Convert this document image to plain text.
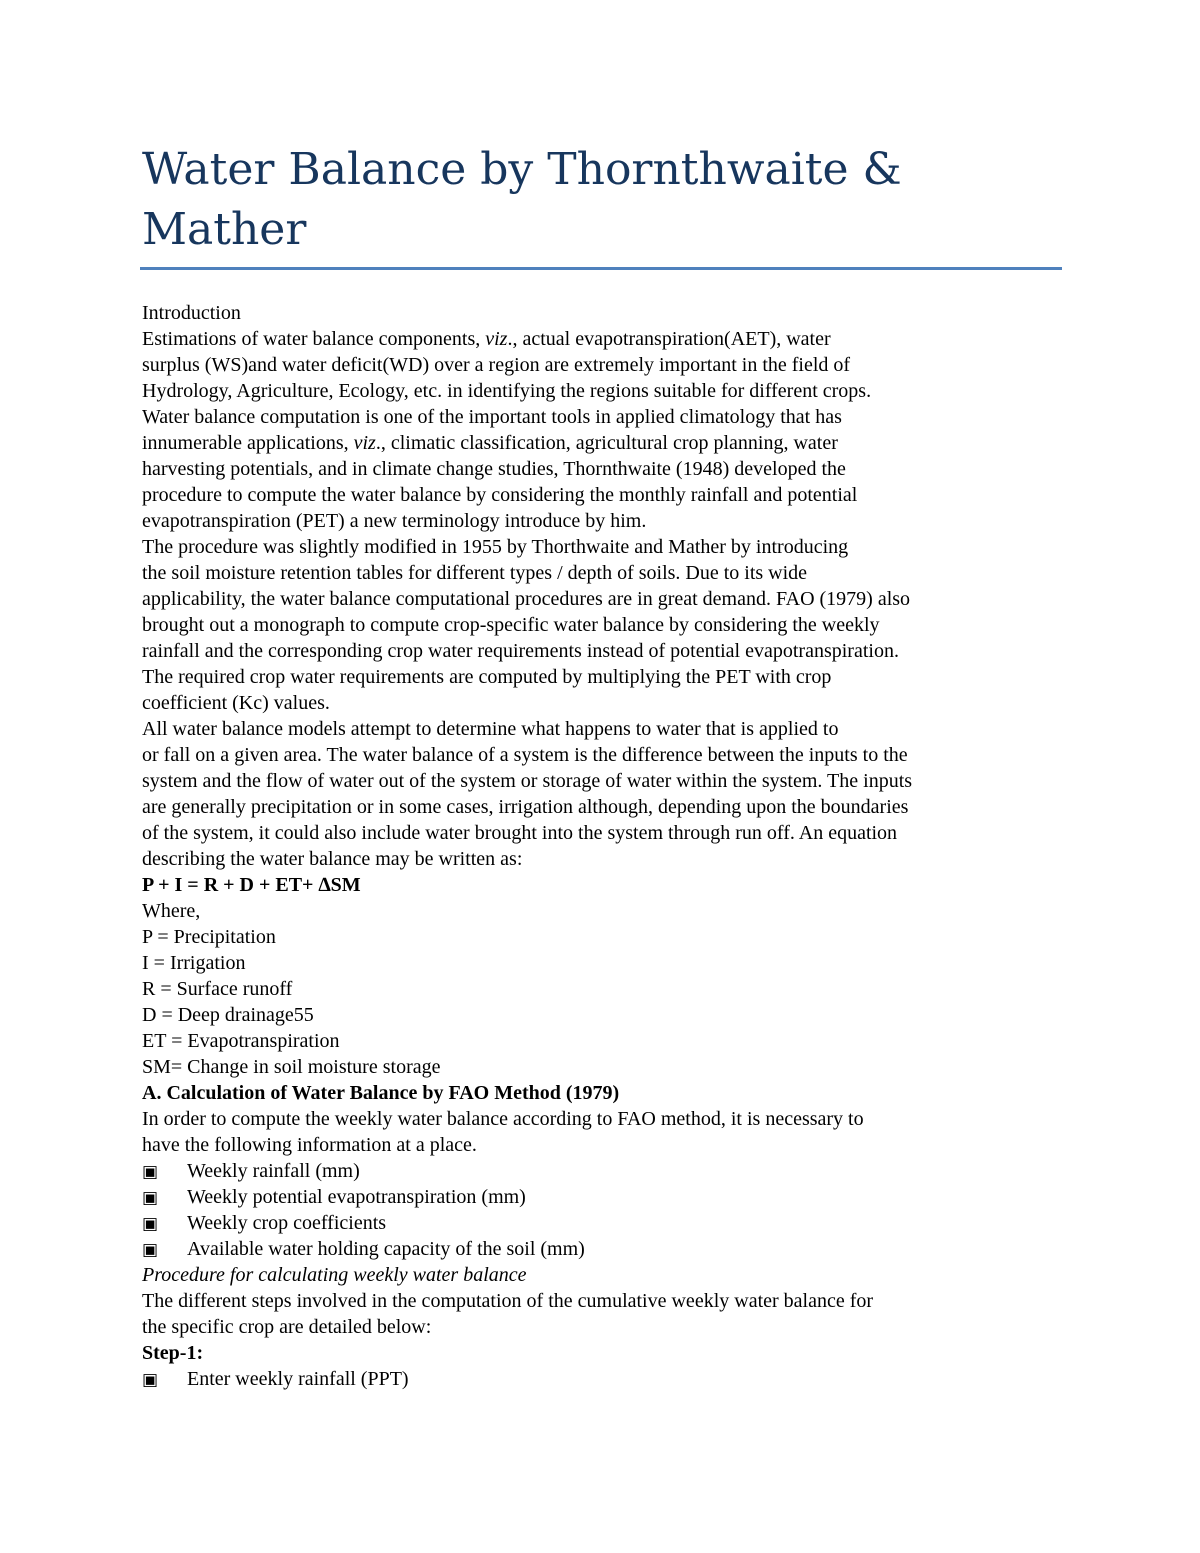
Water Balance by Thornthwaite &
Mather
Introduction
Estimations of water balance components, viz., actual evapotranspiration(AET), water
surplus (WS)and water deficit(WD) over a region are extremely important in the field of
Hydrology, Agriculture, Ecology, etc. in identifying the regions suitable for different crops.
Water balance computation is one of the important tools in applied climatology that has
innumerable applications, viz., climatic classification, agricultural crop planning, water
harvesting potentials, and in climate change studies, Thornthwaite (1948) developed the
procedure to compute the water balance by considering the monthly rainfall and potential
evapotranspiration (PET) a new terminology introduce by him.
The procedure was slightly modified in 1955 by Thorthwaite and Mather by introducing
the soil moisture retention tables for different types / depth of soils. Due to its wide
applicability, the water balance computational procedures are in great demand. FAO (1979) also
brought out a monograph to compute crop-specific water balance by considering the weekly
rainfall and the corresponding crop water requirements instead of potential evapotranspiration.
The required crop water requirements are computed by multiplying the PET with crop
coefficient (Kc) values.
All water balance models attempt to determine what happens to water that is applied to
or fall on a given area. The water balance of a system is the difference between the inputs to the
system and the flow of water out of the system or storage of water within the system. The inputs
are generally precipitation or in some cases, irrigation although, depending upon the boundaries
of the system, it could also include water brought into the system through run off. An equation
describing the water balance may be written as:
P + I = R + D + ET+ ∆SM
Where,
P = Precipitation
I = Irrigation
R = Surface runoff
D = Deep drainage55
ET = Evapotranspiration
SM= Change in soil moisture storage
A. Calculation of Water Balance by FAO Method (1979)
In order to compute the weekly water balance according to FAO method, it is necessary to
have the following information at a place.
▣ Weekly rainfall (mm)
▣ Weekly potential evapotranspiration (mm)
▣ Weekly crop coefficients
▣ Available water holding capacity of the soil (mm)
Procedure for calculating weekly water balance
The different steps involved in the computation of the cumulative weekly water balance for
the specific crop are detailed below:
Step-1:
▣ Enter weekly rainfall (PPT)
